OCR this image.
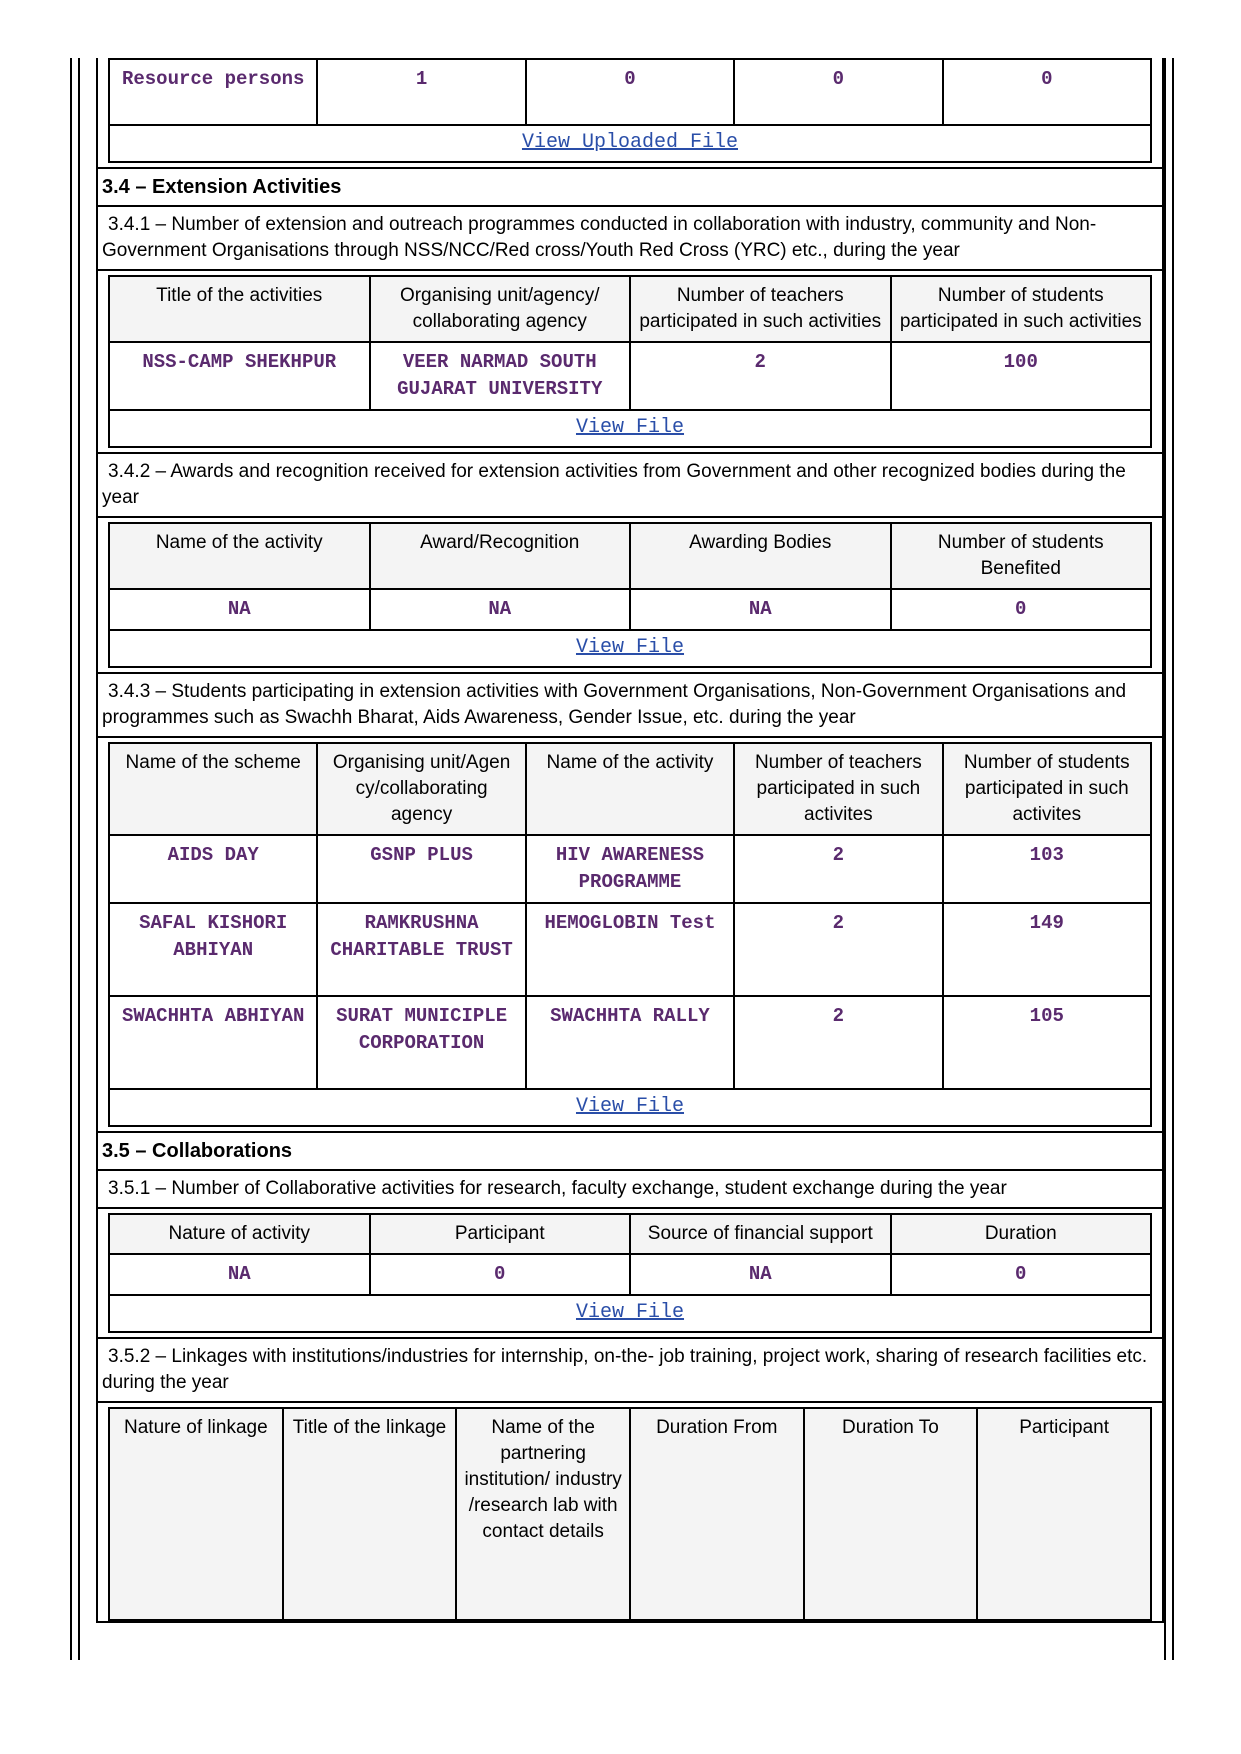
Resource persons	1	0	0	0
View Uploaded File
3.4 – Extension Activities
3.4.1 – Number of extension and outreach programmes conducted in collaboration with industry, community and Non- Government Organisations through NSS/NCC/Red cross/Youth Red Cross (YRC) etc., during the year
Title of the activities	Organising unit/agency/ collaborating agency	Number of teachers participated in such activities	Number of students participated in such activities
NSS-CAMP SHEKHPUR	VEER NARMAD SOUTH GUJARAT UNIVERSITY	2	100
View File			
3.4.2 – Awards and recognition received for extension activities from Government and other recognized bodies during the year
Name of the activity	Award/Recognition	Awarding Bodies	Number of students Benefited
NA	NA	NA	0
View File			
3.4.3 – Students participating in extension activities with Government Organisations, Non-Government Organisations and programmes such as Swachh Bharat, Aids Awareness, Gender Issue, etc. during the year
Name of the scheme	Organising unit/Agen cy/collaborating agency	Name of the activity	Number of teachers participated in such activites	Number of students participated in such activites
AIDS DAY	GSNP PLUS	HIV AWARENESS PROGRAMME	2	103
SAFAL KISHORI ABHIYAN	RAMKRUSHNA CHARITABLE TRUST	HEMOGLOBIN Test	2	149
SWACHHTA ABHIYAN	SURAT MUNICIPLE CORPORATION	SWACHHTA RALLY	2	105
View File				
3.5 – Collaborations
3.5.1 – Number of Collaborative activities for research, faculty exchange, student exchange during the year
Nature of activity	Participant	Source of financial support	Duration
NA	0	NA	0
View File			
3.5.2 – Linkages with institutions/industries for internship, on-the- job training, project work, sharing of research facilities etc. during the year
Nature of linkage	Title of the linkage	Name of the partnering institution/ industry /research lab with contact details	Duration From	Duration To	Participant
